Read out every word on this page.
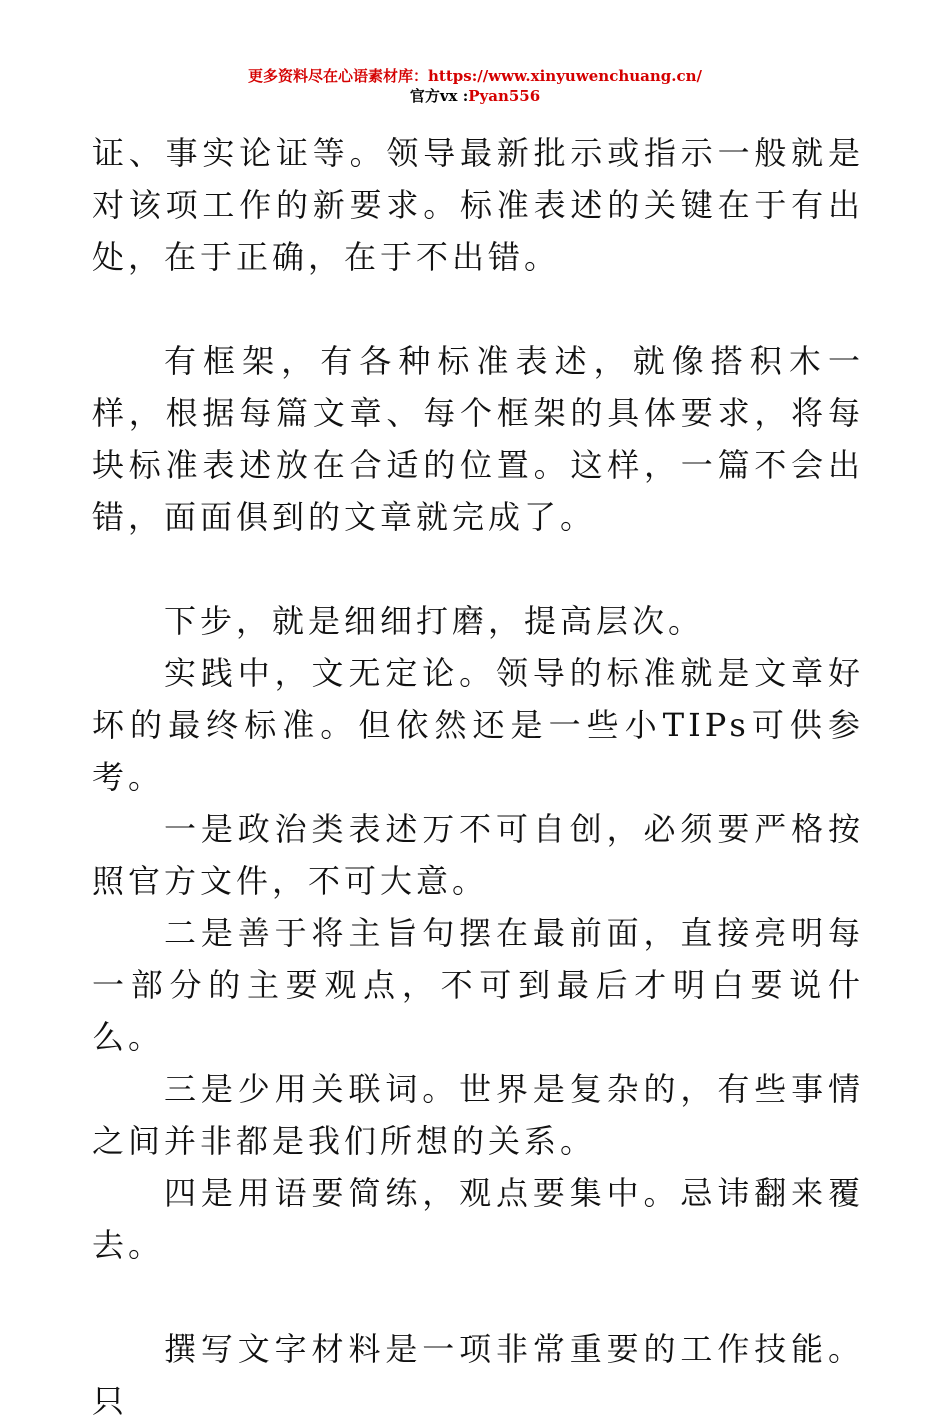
更多资料尽在心语素材库：https://www.xinyuwenchuang.cn/
官方vx :Pyan556

证、事实论证等。领导最新批示或指示一般就是对该项工作的新要求。标准表述的关键在于有出处，在于正确，在于不出错。

有框架，有各种标准表述，就像搭积木一样，根据每篇文章、每个框架的具体要求，将每块标准表述放在合适的位置。这样，一篇不会出错，面面俱到的文章就完成了。

下步，就是细细打磨，提高层次。

实践中，文无定论。领导的标准就是文章好坏的最终标准。但依然还是一些小TIPs可供参考。

一是政治类表述万不可自创，必须要严格按照官方文件，不可大意。

二是善于将主旨句摆在最前面，直接亮明每一部分的主要观点，不可到最后才明白要说什么。

三是少用关联词。世界是复杂的，有些事情之间并非都是我们所想的关系。

四是用语要简练，观点要集中。忌讳翻来覆去。

撰写文字材料是一项非常重要的工作技能。只
